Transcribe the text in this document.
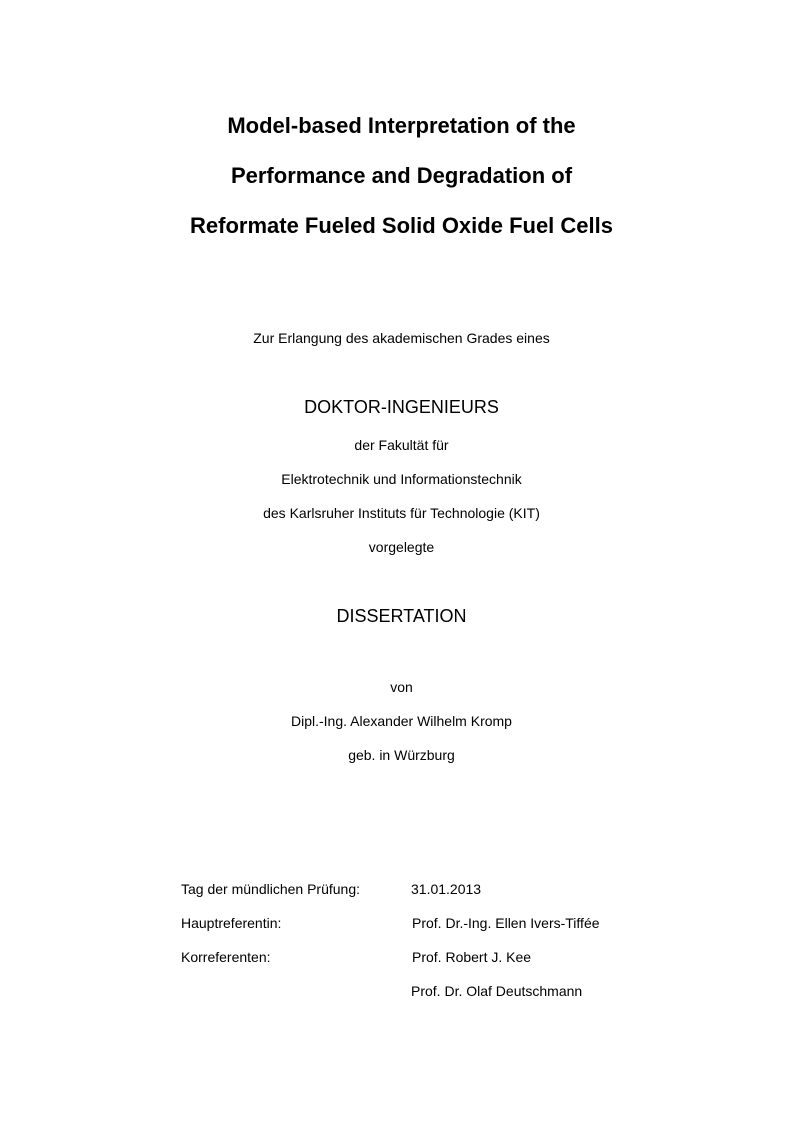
Model-based Interpretation of the
Performance and Degradation of
Reformate Fueled Solid Oxide Fuel Cells
Zur Erlangung des akademischen Grades eines
DOKTOR-INGENIEURS
der Fakultät für
Elektrotechnik und Informationstechnik
des Karlsruher Instituts für Technologie (KIT)
vorgelegte
DISSERTATION
von
Dipl.-Ing. Alexander Wilhelm Kromp
geb. in Würzburg
Tag der mündlichen Prüfung:	31.01.2013
Hauptreferentin:	Prof. Dr.-Ing. Ellen Ivers-Tiffée
Korreferenten:	Prof. Robert J. Kee
Prof. Dr. Olaf Deutschmann
